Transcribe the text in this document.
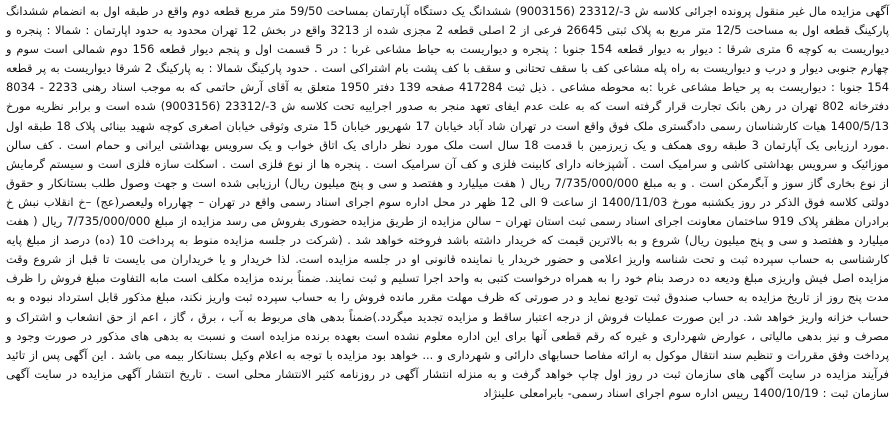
آگهی مزایده مال غیر منقول پرونده اجرائی کلاسه ش 3-/23312 (9003156) ششدانگ یک دستگاه آپارتمان بمساحت 59/50 متر مربع قطعه دوم واقع در طبقه اول به انضمام ششدانگ پارکینگ قطعه اول به مساحت 12/5 متر مربع به پلاک ثبتی 26645 فرعی از 2 اصلی قطعه 2 مجزی شده از 3213 واقع در بخش 12 تهران محدود به حدود اپارتمان : شمالا : پنجره و دیواریست به کوچه 6 متری شرقا : دیوار به دیوار قطعه 154 جنوبا : پنجره و دیواریست به حیاط مشاعی غربا : در 5 قسمت اول و پنجم دیوار قطعه 156 دوم شمالی است سوم و چهارم جنوبی دیوار و درب و دیواریست به راه پله مشاعی کف با سقف تحتانی و سقف با کف پشت بام اشتراکی است . حدود پارکینگ شمالا : به پارکینگ 2 شرقا دیواریست به پر قطعه 154 جنوبا : دیواریست به پر حیاط مشاعی غربا :به محوطه مشاعی . ذیل ثبت 417284 صفحه 139 دفتر 1950 متعلق به آقای آرش حاتمی که به موجب اسناد رهنی 2233 - 8034 دفترخانه 802 تهران در رهن بانک تجارت قرار گرفته است که به علت عدم ایفای تعهد منجر به صدور اجراییه تحت کلاسه ش 3-/23312 (9003156) شده است و برابر نظریه مورخ 1400/5/13 هیات کارشناسان رسمی دادگستری ملک فوق واقع است در تهران شاد آباد خیابان 17 شهریور خیابان 15 متری وثوقی خیابان اصغری کوچه شهید بینائی پلاک 18 طبقه اول .مورد ارزیابی یک آپارتمان 3 طبقه روی همکف و یک زیرزمین با قدمت 18 سال است ملک مورد نظر دارای یک اتاق خواب و یک سرویس بهداشتی ایرانی و حمام است . کف سالن موزائیک و سرویس بهداشتی کاشی و سرامیک است . آشپزخانه دارای کابینت فلزی و کف آن سرامیک است . پنجره ها از نوع فلزی است . اسکلت سازه فلزی است و سیستم گرمایش از نوع بخاری گاز سوز و آبگرمکن است . و به مبلغ 7/735/000/000 ریال ( هفت میلیارد و هفتصد و سی و پنج میلیون ریال) ارزیابی شده است و جهت وصول طلب بستانکار و حقوق دولتی کلاسه فوق الذکر در روز یکشنبه مورخ 1400/11/03 از ساعت 9 الی 12 ظهر در محل اداره سوم اجرای اسناد رسمی واقع در تهران – چهارراه ولیعصر(عج) –خ انقلاب نبش خ برادران مظفر پلاک 919 ساختمان معاونت اجرای اسناد رسمی ثبت استان تهران – سالن مزایده از طریق مزایده حضوری بفروش می رسد مزایده از مبلغ 7/735/000/000 ریال ( هفت میلیارد و هفتصد و سی و پنج میلیون ریال) شروع و به بالاترین قیمت که خریدار داشته باشد فروخته خواهد شد . (شرکت در جلسه مزایده منوط به پرداخت 10 (ده) درصد از مبلغ پایه کارشناسی به حساب سپرده ثبت و تحت شناسه واریز اعلامی و حضور خریدار یا نماینده قانونی او در جلسه مزایده است. لذا خریدار و یا خریداران می بایست تا قبل از شروع وقت مزایده اصل فیش واریزی مبلغ ودیعه ده درصد بنام خود را به همراه درخواست کتبی به واحد اجرا تسلیم و ثبت نمایند. ضمناً برنده مزایده مکلف است مابه التفاوت مبلغ فروش را ظرف مدت پنج روز از تاریخ مزایده به حساب صندوق ثبت تودیع نماید و در صورتی که ظرف مهلت مقرر مانده فروش را به حساب سپرده ثبت واریز نکند، مبلغ مذکور قابل استرداد نبوده و به حساب خزانه واریز خواهد شد. در این صورت عملیات فروش از درجه اعتبار ساقط و مزایده تجدید میگردد.)ضمناً بدهی های مربوط به آب ، برق ، گاز ، اعم از حق انشعاب و اشتراک و مصرف و نیز بدهی مالیاتی ، عوارض شهرداری و غیره که رقم قطعی آنها برای این اداره معلوم نشده است بعهده برنده مزایده است و نسبت به بدهی های مذکور در صورت وجود و پرداخت وفق مقررات و تنظیم سند انتقال موکول به ارائه مفاصا حسابهای دارائی و شهرداری و ... خواهد بود مزایده با توجه به اعلام وکیل بستانکار بیمه می باشد . این آگهی پس از تائید فرآیند مزایده در سایت آگهی های سازمان ثبت در روز اول چاپ خواهد گرفت و به منزله انتشار آگهی در روزنامه کثیر الانتشار محلی است . تاریخ انتشار آگهی مزایده در سایت آگهی سازمان ثبت : 1400/10/19 رییس اداره سوم اجرای اسناد رسمی- بابرامعلی علینژاد
